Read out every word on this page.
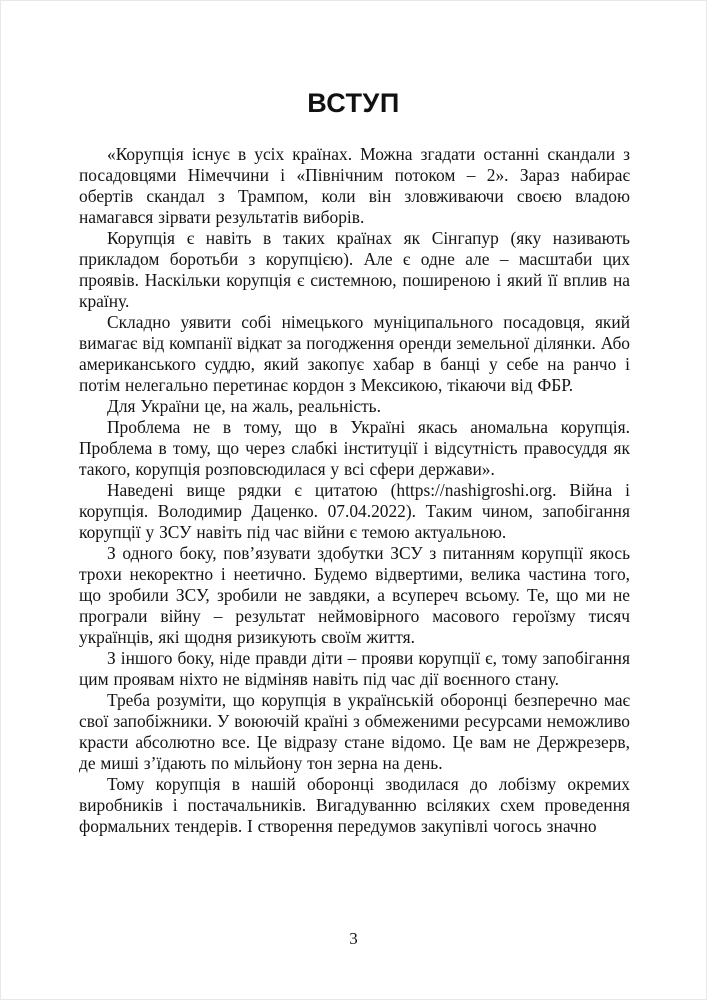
ВСТУП

«Корупція існує в усіх країнах. Можна згадати останні скандали з посадовцями Німеччини і «Північним потоком – 2». Зараз набирає обертів скандал з Трампом, коли він зловживаючи своєю владою намагався зірвати результатів виборів.

Корупція є навіть в таких країнах як Сінгапур (яку називають прикладом боротьби з корупцією). Але є одне але – масштаби цих проявів. Наскільки корупція є системною, поширеною і який її вплив на країну.

Складно уявити собі німецького муніципального посадовця, який вимагає від компанії відкат за погодження оренди земельної ділянки. Або американського суддю, який закопує хабар в банці у себе на ранчо і потім нелегально перетинає кордон з Мексикою, тікаючи від ФБР.

Для України це, на жаль, реальність.

Проблема не в тому, що в Україні якась аномальна корупція. Проблема в тому, що через слабкі інституції і відсутність правосуддя як такого, корупція розповсюдилася у всі сфери держави».

Наведені вище рядки є цитатою (https://nashigroshi.org. Війна і корупція. Володимир Даценко. 07.04.2022). Таким чином, запобігання корупції у ЗСУ навіть під час війни є темою актуальною.

З одного боку, пов’язувати здобутки ЗСУ з питанням корупції якось трохи некоректно і неетично. Будемо відвертими, велика частина того, що зробили ЗСУ, зробили не завдяки, а всупереч всьому. Те, що ми не програли війну – результат неймовірного масового героїзму тисяч українців, які щодня ризикують своїм життя.

З іншого боку, ніде правди діти – прояви корупції є, тому запобігання цим проявам ніхто не відміняв навіть під час дії воєнного стану.

Треба розуміти, що корупція в українській оборонці безперечно має свої запобіжники. У воюючій країні з обмеженими ресурсами неможливо красти абсолютно все. Це відразу стане відомо. Це вам не Держрезерв, де миші з’їдають по мільйону тон зерна на день.

Тому корупція в нашій оборонці зводилася до лобізму окремих виробників і постачальників. Вигадуванню всіляких схем проведення формальних тендерів. І створення передумов закупівлі чогось значно

3
